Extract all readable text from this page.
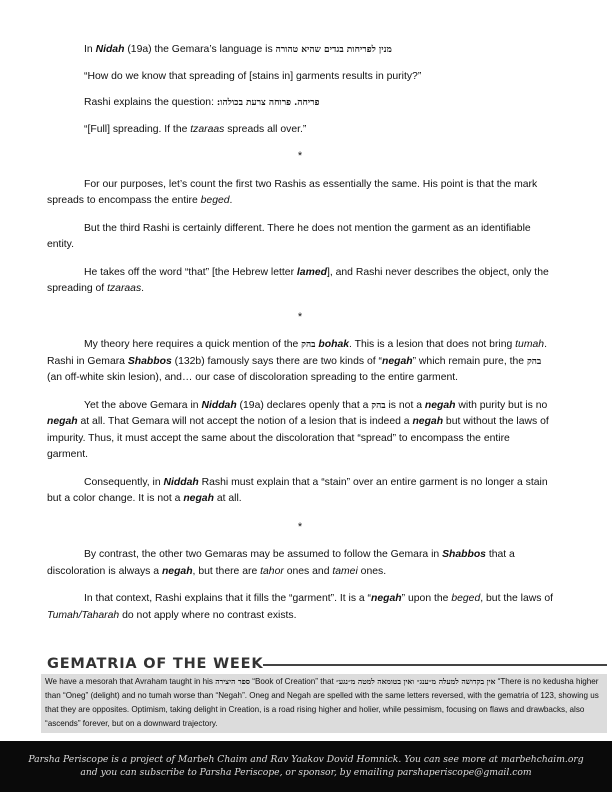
In Nidah (19a) the Gemara’s language is מנין לפריחות בגדים שהיא טהורה

“How do we know that spreading of [stains in] garments results in purity?”

Rashi explains the question: פריחה. פרוחה צרעת בכולהו:

“[Full] spreading. If the tzaraas spreads all over.”

*

For our purposes, let’s count the first two Rashis as essentially the same. His point is that the mark spreads to encompass the entire beged.

But the third Rashi is certainly different. There he does not mention the garment as an identifiable entity.

He takes off the word “that” [the Hebrew letter lamed], and Rashi never describes the object, only the spreading of tzaraas.

*

My theory here requires a quick mention of the בהק bohak. This is a lesion that does not bring tumah. Rashi in Gemara Shabbos (132b) famously says there are two kinds of “negah” which remain pure, the בהק (an off-white skin lesion), and… our case of discoloration spreading to the entire garment.

Yet the above Gemara in Niddah (19a) declares openly that a בהק is not a negah with purity but is no negah at all. That Gemara will not accept the notion of a lesion that is indeed a negah but without the laws of impurity. Thus, it must accept the same about the discoloration that “spread” to encompass the entire garment.

Consequently, in Niddah Rashi must explain that a “stain” over an entire garment is no longer a stain but a color change. It is not a negah at all.

*

By contrast, the other two Gemaras may be assumed to follow the Gemara in Shabbos that a discoloration is always a negah, but there are tahor ones and tamei ones.

In that context, Rashi explains that it fills the “garment”. It is a “negah” upon the beged, but the laws of Tumah/Taharah do not apply where no contrast exists.

GEMATRIA OF THE WEEK
We have a mesorah that Avraham taught in his ספר היצירה “Book of Creation” that אין בקדושה למעלה מ״ענג״ ואין בטומאה למטה מ״נגע״ “There is no kedusha higher than “Oneg” (delight) and no tumah worse than “Negah”. Oneg and Negah are spelled with the same letters reversed, with the gematria of 123, showing us that they are opposites. Optimism, taking delight in Creation, is a road rising higher and holier, while pessimism, focusing on flaws and drawbacks, also “ascends” forever, but on a downward trajectory.
Parsha Periscope is a project of Marbeh Chaim and Rav Yaakov Dovid Homnick. You can see more at marbehchaim.org
and you can subscribe to Parsha Periscope, or sponsor, by emailing parshaperiscope@gmail.com
